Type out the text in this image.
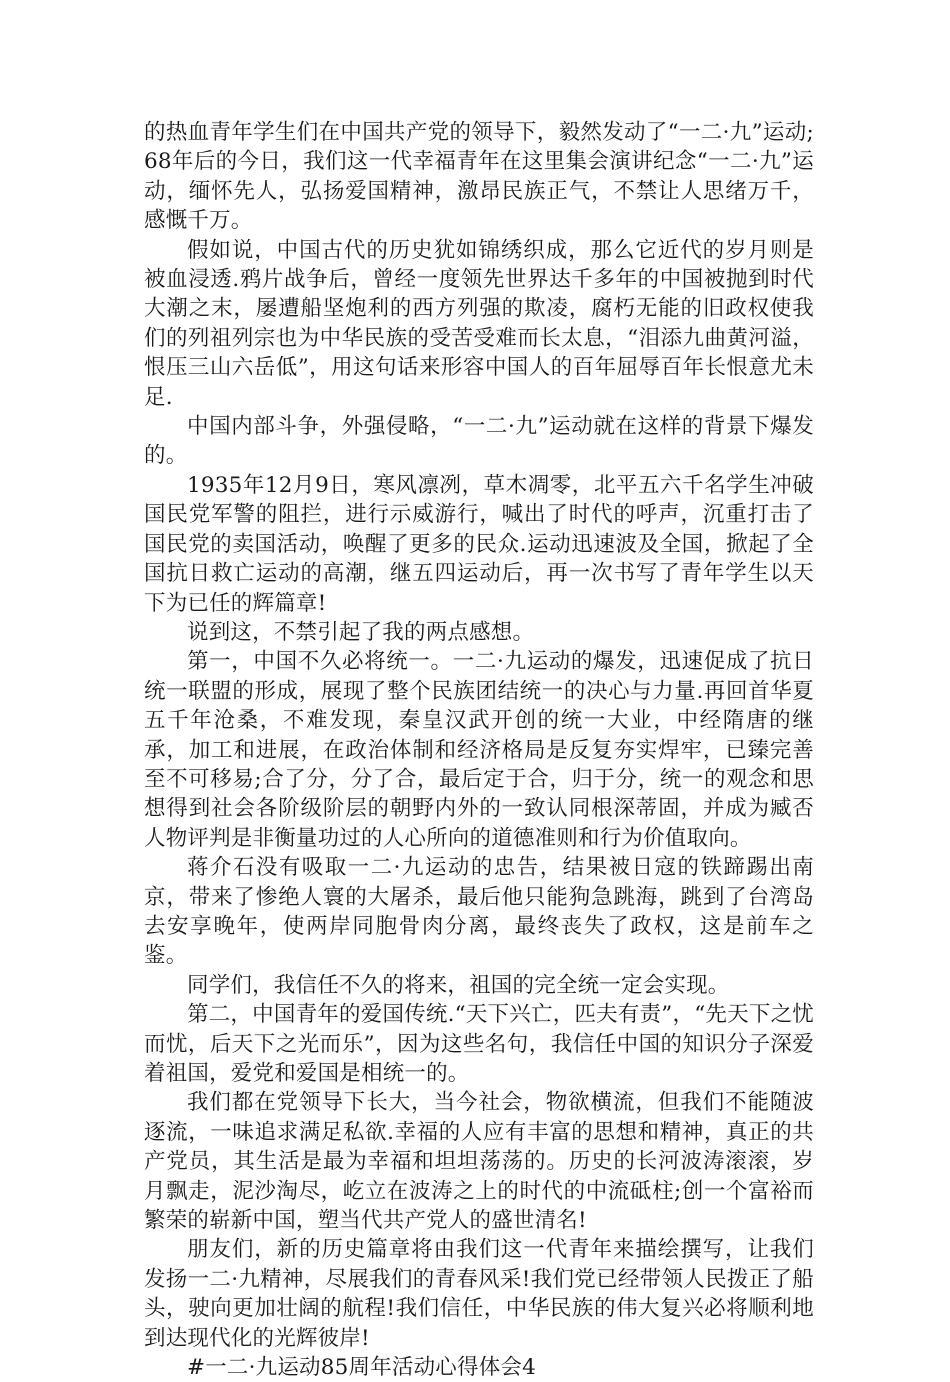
的热血青年学生们在中国共产党的领导下，毅然发动了“一二·九”运动;68年后的今日，我们这一代幸福青年在这里集会演讲纪念“一二·九”运动，缅怀先人，弘扬爱国精神，激昂民族正气，不禁让人思绪万千，感慨千万。

假如说，中国古代的历史犹如锦绣织成，那么它近代的岁月则是被血浸透.鸦片战争后，曾经一度领先世界达千多年的中国被抛到时代大潮之末，屡遭船坚炮利的西方列强的欺凌，腐朽无能的旧政权使我们的列祖列宗也为中华民族的受苦受难而长太息，“泪添九曲黄河溢，恨压三山六岳低”，用这句话来形容中国人的百年屈辱百年长恨意尤未足.

中国内部斗争，外强侵略，“一二·九”运动就在这样的背景下爆发的。

1935年12月9日，寒风凛冽，草木凋零，北平五六千名学生冲破国民党军警的阻拦，进行示威游行，喊出了时代的呼声，沉重打击了国民党的卖国活动，唤醒了更多的民众.运动迅速波及全国，掀起了全国抗日救亡运动的高潮，继五四运动后，再一次书写了青年学生以天下为已任的辉篇章!

说到这，不禁引起了我的两点感想。

第一，中国不久必将统一。一二·九运动的爆发，迅速促成了抗日统一联盟的形成，展现了整个民族团结统一的决心与力量.再回首华夏五千年沧桑，不难发现，秦皇汉武开创的统一大业，中经隋唐的继承，加工和进展，在政治体制和经济格局是反复夯实焊牢，已臻完善至不可移易;合了分，分了合，最后定于合，归于分，统一的观念和思想得到社会各阶级阶层的朝野内外的一致认同根深蒂固，并成为臧否人物评判是非衡量功过的人心所向的道德准则和行为价值取向。

蒋介石没有吸取一二·九运动的忠告，结果被日寇的铁蹄踢出南京，带来了惨绝人寰的大屠杀，最后他只能狗急跳海，跳到了台湾岛去安享晚年，使两岸同胞骨肉分离，最终丧失了政权，这是前车之鉴。

同学们，我信任不久的将来，祖国的完全统一定会实现。

第二，中国青年的爱国传统.“天下兴亡，匹夫有责”，“先天下之忧而忧，后天下之光而乐”，因为这些名句，我信任中国的知识分子深爱着祖国，爱党和爱国是相统一的。

我们都在党领导下长大，当今社会，物欲横流，但我们不能随波逐流，一味追求满足私欲.幸福的人应有丰富的思想和精神，真正的共产党员，其生活是最为幸福和坦坦荡荡的。历史的长河波涛滚滚，岁月飘走，泥沙淘尽，屹立在波涛之上的时代的中流砥柱;创一个富裕而繁荣的崭新中国，塑当代共产党人的盛世清名!

朋友们，新的历史篇章将由我们这一代青年来描绘撰写，让我们发扬一二·九精神，尽展我们的青春风采!我们党已经带领人民拨正了船头，驶向更加壮阔的航程!我们信任，中华民族的伟大复兴必将顺利地到达现代化的光辉彼岸!

#一二·九运动85周年活动心得体会4
